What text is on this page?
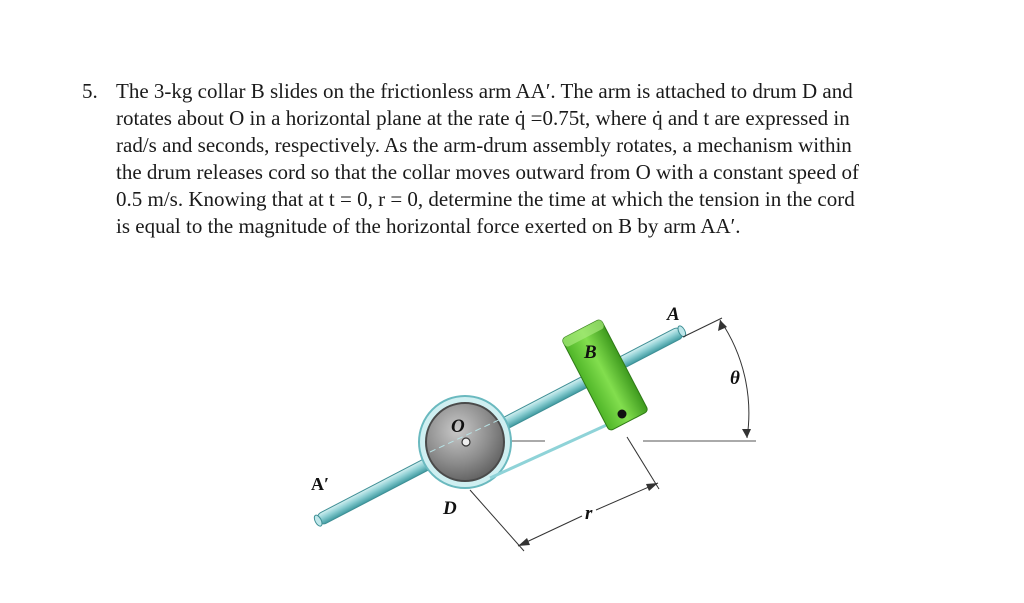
5. The 3-kg collar B slides on the frictionless arm AA′. The arm is attached to drum D and
rotates about O in a horizontal plane at the rate q̇ =0.75t, where q̇ and t are expressed in
rad/s and seconds, respectively. As the arm-drum assembly rotates, a mechanism within
the drum releases cord so that the collar moves outward from O with a constant speed of
0.5 m/s. Knowing that at t = 0, r = 0, determine the time at which the tension in the cord
is equal to the magnitude of the horizontal force exerted on B by arm AA′.
A
B
O
D	r
θ
A′
